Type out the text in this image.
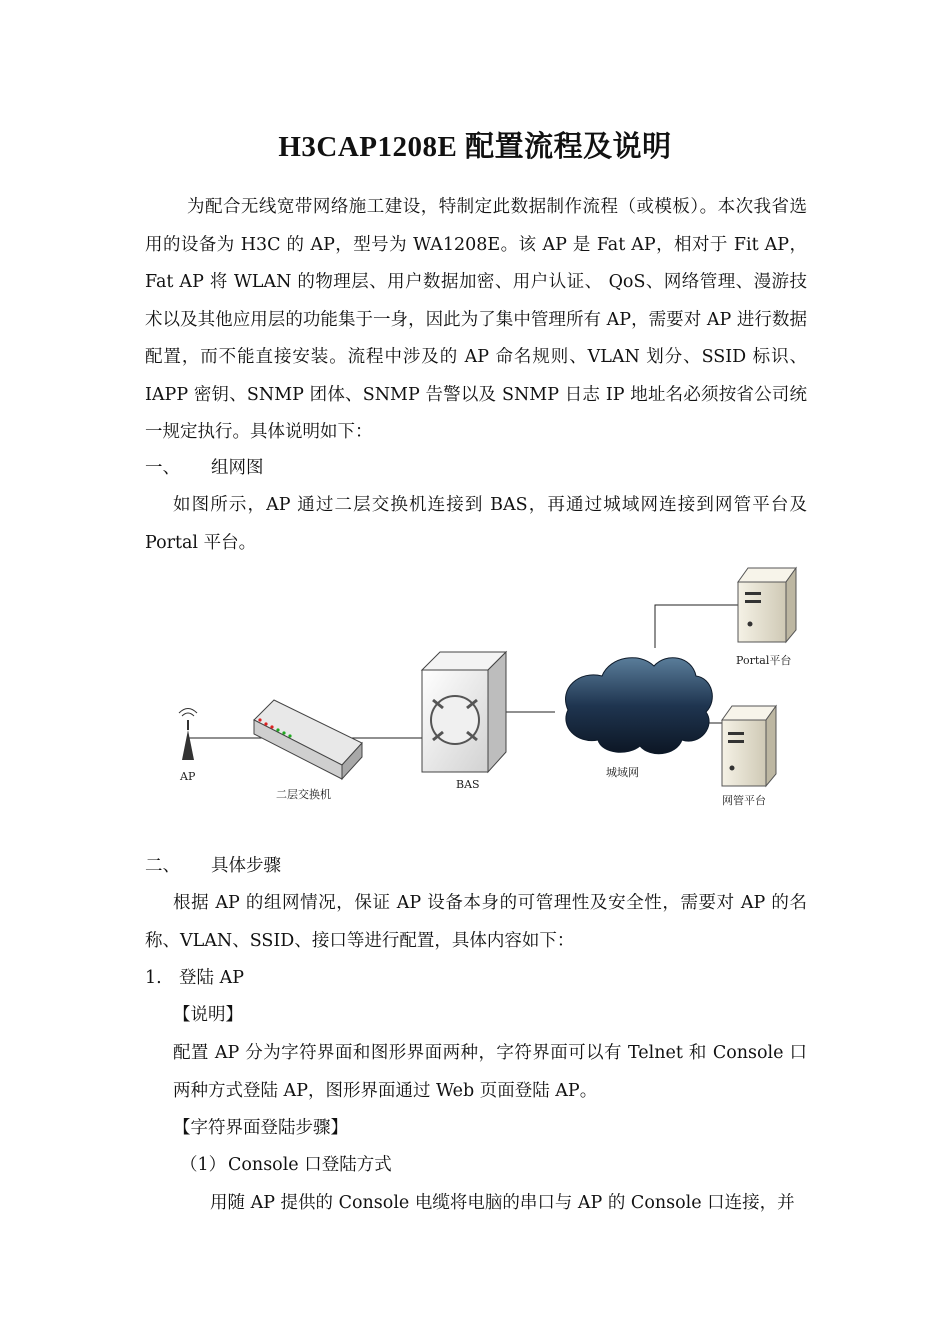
H3CAP1208E 配置流程及说明
为配合无线宽带网络施工建设，特制定此数据制作流程（或模板）。本次我省选用的设备为 H3C 的 AP，型号为 WA1208E。该 AP 是 Fat AP，相对于 Fit AP，Fat AP 将 WLAN 的物理层、用户数据加密、用户认证、 QoS、网络管理、漫游技术以及其他应用层的功能集于一身，因此为了集中管理所有 AP，需要对 AP 进行数据配置，而不能直接安装。流程中涉及的 AP 命名规则、VLAN 划分、SSID 标识、IAPP 密钥、SNMP 团体、SNMP 告警以及 SNMP 日志 IP 地址名必须按省公司统一规定执行。具体说明如下：
一、 组网图
如图所示，AP 通过二层交换机连接到 BAS，再通过城域网连接到网管平台及 Portal 平台。
AP
二层交换机
BAS
城域网
Portal平台
网管平台
二、 具体步骤
根据 AP 的组网情况，保证 AP 设备本身的可管理性及安全性，需要对 AP 的名称、VLAN、SSID、接口等进行配置，具体内容如下：
1. 登陆 AP
【说明】
配置 AP 分为字符界面和图形界面两种，字符界面可以有 Telnet 和 Console 口两种方式登陆 AP，图形界面通过 Web 页面登陆 AP。
【字符界面登陆步骤】
（1） Console 口登陆方式
用随 AP 提供的 Console 电缆将电脑的串口与 AP 的 Console 口连接，并
